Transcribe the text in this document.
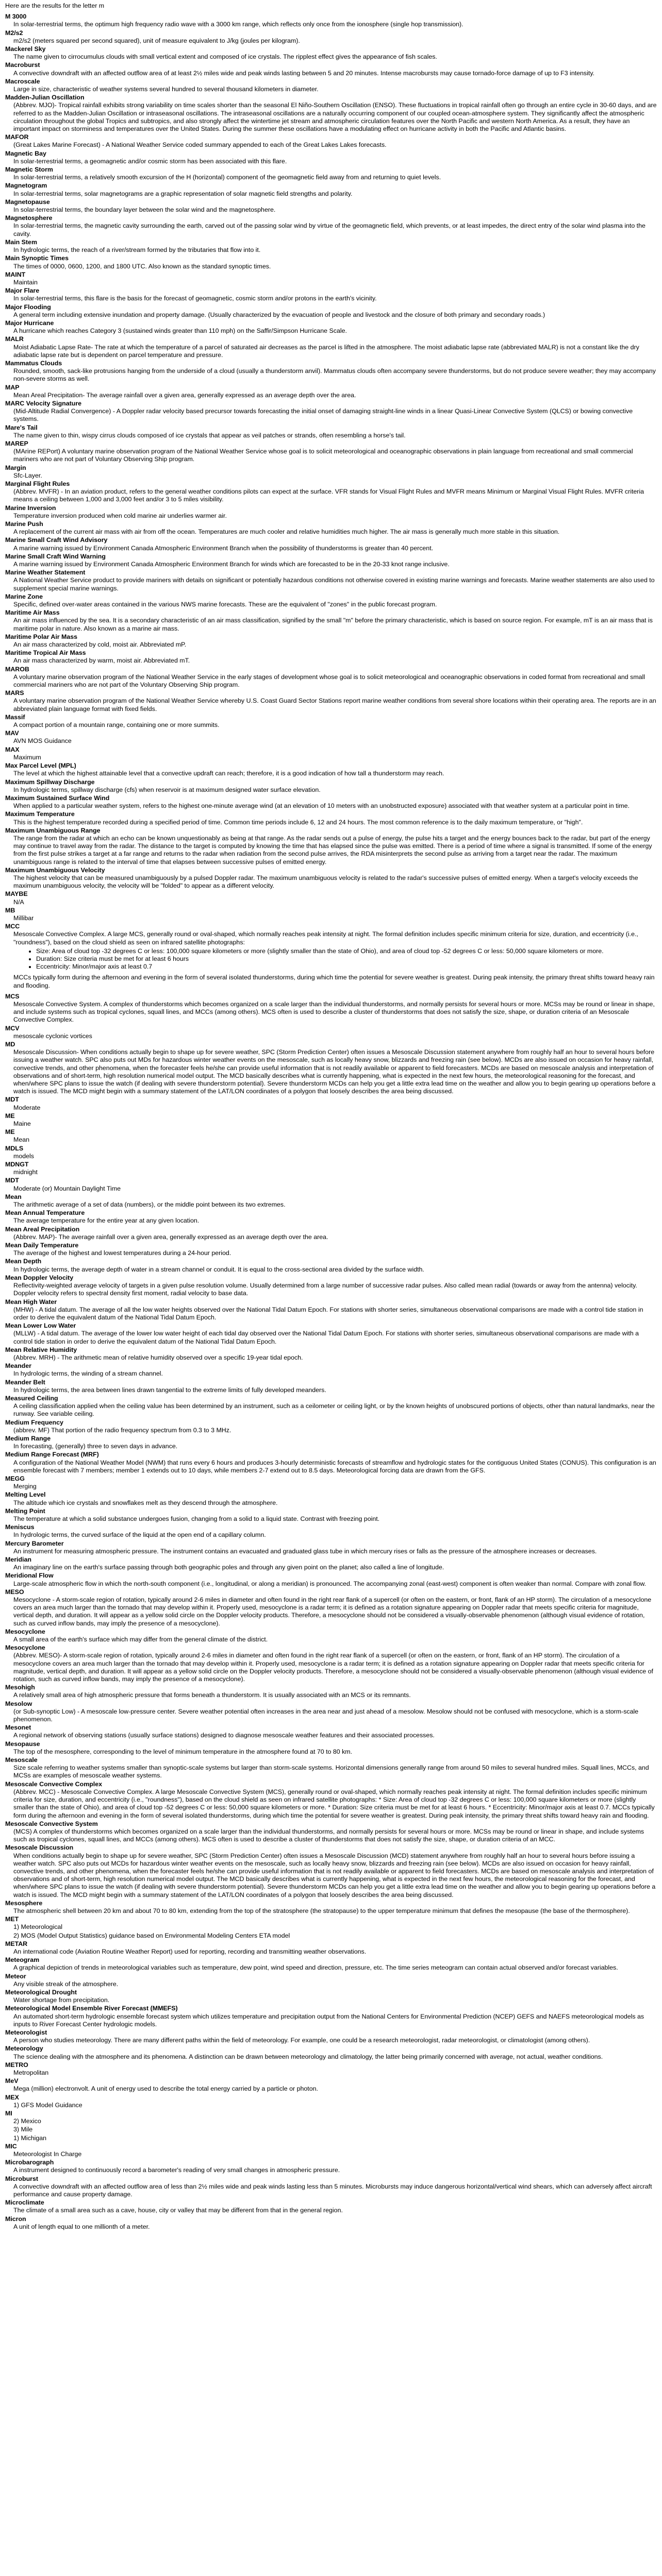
Here are the results for the letter m

M 3000
In solar-terrestrial terms, the optimum high frequency radio wave with a 3000 km range, which reflects only once from the ionosphere (single hop transmission).
M2/s2
m2/s2 (meters squared per second squared), unit of measure equivalent to J/kg (joules per kilogram).
Mackerel Sky
The name given to cirrocumulus clouds with small vertical extent and composed of ice crystals. The ripplest effect gives the appearance of fish scales.
Macroburst
A convective downdraft with an affected outflow area of at least 2½ miles wide and peak winds lasting between 5 and 20 minutes. Intense macrobursts may cause tornado-force damage of up to F3 intensity.
Macroscale
Large in size, characteristic of weather systems several hundred to several thousand kilometers in diameter.
Madden-Julian Oscillation
(Abbrev. MJO)- Tropical rainfall exhibits strong variability on time scales shorter than the seasonal El Niño-Southern Oscillation (ENSO). These fluctuations in tropical rainfall often go through an entire cycle in 30-60 days, and are referred to as the Madden-Julian Oscillation or intraseasonal oscillations. The intraseasonal oscillations are a naturally occurring component of our coupled ocean-atmosphere system. They significantly affect the atmospheric circulation throughout the global Tropics and subtropics, and also strongly affect the wintertime jet stream and atmospheric circulation features over the North Pacific and western North America. As a result, they have an important impact on storminess and temperatures over the United States. During the summer these oscillations have a modulating effect on hurricane activity in both the Pacific and Atlantic basins.
MAFOR
(Great Lakes Marine Forecast) - A National Weather Service coded summary appended to each of the Great Lakes Lakes forecasts.
Magnetic Bay
In solar-terrestrial terms, a geomagnetic and/or cosmic storm has been associated with this flare.
Magnetic Storm
In solar-terrestrial terms, a relatively smooth excursion of the H (horizontal) component of the geomagnetic field away from and returning to quiet levels.
Magnetogram
In solar-terrestrial terms, solar magnetograms are a graphic representation of solar magnetic field strengths and polarity.
Magnetopause
In solar-terrestrial terms, the boundary layer between the solar wind and the magnetosphere.
Magnetosphere
In solar-terrestrial terms, the magnetic cavity surrounding the earth, carved out of the passing solar wind by virtue of the geomagnetic field, which prevents, or at least impedes, the direct entry of the solar wind plasma into the cavity.
Main Stem
In hydrologic terms, the reach of a river/stream formed by the tributaries that flow into it.
Main Synoptic Times
The times of 0000, 0600, 1200, and 1800 UTC. Also known as the standard synoptic times.
MAINT
Maintain
Major Flare
In solar-terrestrial terms, this flare is the basis for the forecast of geomagnetic, cosmic storm and/or protons in the earth's vicinity.
Major Flooding
A general term including extensive inundation and property damage. (Usually characterized by the evacuation of people and livestock and the closure of both primary and secondary roads.)
Major Hurricane
A hurricane which reaches Category 3 (sustained winds greater than 110 mph) on the Saffir/Simpson Hurricane Scale.
MALR
Moist Adiabatic Lapse Rate- The rate at which the temperature of a parcel of saturated air decreases as the parcel is lifted in the atmosphere. The moist adiabatic lapse rate (abbreviated MALR) is not a constant like the dry adiabatic lapse rate but is dependent on parcel temperature and pressure.
Mammatus Clouds
Rounded, smooth, sack-like protrusions hanging from the underside of a cloud (usually a thunderstorm anvil). Mammatus clouds often accompany severe thunderstorms, but do not produce severe weather; they may accompany non-severe storms as well.
MAP
Mean Areal Precipitation- The average rainfall over a given area, generally expressed as an average depth over the area.
MARC Velocity Signature
(Mid-Altitude Radial Convergence) - A Doppler radar velocity based precursor towards forecasting the initial onset of damaging straight-line winds in a linear Quasi-Linear Convective System (QLCS) or bowing convective systems.
Mare's Tail
The name given to thin, wispy cirrus clouds composed of ice crystals that appear as veil patches or strands, often resembling a horse's tail.
MAREP
(MArine REPort) A voluntary marine observation program of the National Weather Service whose goal is to solicit meteorological and oceanographic observations in plain language from recreational and small commercial mariners who are not part of Voluntary Observing Ship program.
Margin
Sfc-Layer.
Marginal Flight Rules
(Abbrev. MVFR) - In an aviation product, refers to the general weather conditions pilots can expect at the surface. VFR stands for Visual Flight Rules and MVFR means Minimum or Marginal Visual Flight Rules. MVFR criteria means a ceiling between 1,000 and 3,000 feet and/or 3 to 5 miles visibility.
Marine Inversion
Temperature inversion produced when cold marine air underlies warmer air.
Marine Push
A replacement of the current air mass with air from off the ocean. Temperatures are much cooler and relative humidities much higher. The air mass is generally much more stable in this situation.
Marine Small Craft Wind Advisory
A marine warning issued by Environment Canada Atmospheric Environment Branch when the possibility of thunderstorms is greater than 40 percent.
Marine Small Craft Wind Warning
A marine warning issued by Environment Canada Atmospheric Environment Branch for winds which are forecasted to be in the 20-33 knot range inclusive.
Marine Weather Statement
A National Weather Service product to provide mariners with details on significant or potentially hazardous conditions not otherwise covered in existing marine warnings and forecasts. Marine weather statements are also used to supplement special marine warnings.
Marine Zone
Specific, defined over-water areas contained in the various NWS marine forecasts. These are the equivalent of "zones" in the public forecast program.
Maritime Air Mass
An air mass influenced by the sea. It is a secondary characteristic of an air mass classification, signified by the small "m" before the primary characteristic, which is based on source region. For example, mT is an air mass that is maritime polar in nature. Also known as a marine air mass.
Maritime Polar Air Mass
An air mass characterized by cold, moist air. Abbreviated mP.
Maritime Tropical Air Mass
An air mass characterized by warm, moist air. Abbreviated mT.
MAROB
A voluntary marine observation program of the National Weather Service in the early stages of development whose goal is to solicit meteorological and oceanographic observations in coded format from recreational and small commercial mariners who are not part of the Voluntary Observing Ship program.
MARS
A voluntary marine observation program of the National Weather Service whereby U.S. Coast Guard Sector Stations report marine weather conditions from several shore locations within their operating area. The reports are in an abbreviated plain language format with fixed fields.
Massif
A compact portion of a mountain range, containing one or more summits.
MAV
AVN MOS Guidance
MAX
Maximum
Max Parcel Level (MPL)
The level at which the highest attainable level that a convective updraft can reach; therefore, it is a good indication of how tall a thunderstorm may reach.
Maximum Spillway Discharge
In hydrologic terms, spillway discharge (cfs) when reservoir is at maximum designed water surface elevation.
Maximum Sustained Surface Wind
When applied to a particular weather system, refers to the highest one-minute average wind (at an elevation of 10 meters with an unobstructed exposure) associated with that weather system at a particular point in time.
Maximum Temperature
This is the highest temperature recorded during a specified period of time. Common time periods include 6, 12 and 24 hours. The most common reference is to the daily maximum temperature, or "high".
Maximum Unambiguous Range
The range from the radar at which an echo can be known unquestionably as being at that range. As the radar sends out a pulse of energy, the pulse hits a target and the energy bounces back to the radar, but part of the energy may continue to travel away from the radar. The distance to the target is computed by knowing the time that has elapsed since the pulse was emitted. There is a period of time where a signal is transmitted. If some of the energy from the first pulse strikes a target at a far range and returns to the radar when radiation from the second pulse arrives, the RDA misinterprets the second pulse as arriving from a target near the radar. The maximum unambiguous range is related to the interval of time that elapses between successive pulses of emitted energy.
Maximum Unambiguous Velocity
The highest velocity that can be measured unambiguously by a pulsed Doppler radar. The maximum unambiguous velocity is related to the radar's successive pulses of emitted energy. When a target's velocity exceeds the maximum unambiguous velocity, the velocity will be "folded" to appear as a different velocity.
MAYBE
N/A
MB
Millibar
MCC
Mesoscale Convective Complex. A large MCS, generally round or oval-shaped, which normally reaches peak intensity at night. The formal definition includes specific minimum criteria for size, duration, and eccentricity (i.e., "roundness"), based on the cloud shield as seen on infrared satellite photographs:
• Size: Area of cloud top -32 degrees C or less: 100,000 square kilometers or more (slightly smaller than the state of Ohio), and area of cloud top -52 degrees C or less: 50,000 square kilometers or more.
• Duration: Size criteria must be met for at least 6 hours
• Eccentricity: Minor/major axis at least 0.7

MCCs typically form during the afternoon and evening in the form of several isolated thunderstorms, during which time the potential for severe weather is greatest. During peak intensity, the primary threat shifts toward heavy rain and flooding.

MCS
Mesoscale Convective System. A complex of thunderstorms which becomes organized on a scale larger than the individual thunderstorms, and normally persists for several hours or more. MCSs may be round or linear in shape, and include systems such as tropical cyclones, squall lines, and MCCs (among others). MCS often is used to describe a cluster of thunderstorms that does not satisfy the size, shape, or duration criteria of an Mesoscale Convective Complex.
MCV
mesoscale cyclonic vortices
MD
Mesoscale Discussion- When conditions actually begin to shape up for severe weather, SPC (Storm Prediction Center) often issues a Mesoscale Discussion statement anywhere from roughly half an hour to several hours before issuing a weather watch. SPC also puts out MDs for hazardous winter weather events on the mesoscale, such as locally heavy snow, blizzards and freezing rain (see below). MCDs are also issued on occasion for heavy rainfall, convective trends, and other phenomena, when the forecaster feels he/she can provide useful information that is not readily available or apparent to field forecasters. MCDs are based on mesoscale analysis and interpretation of observations and of short-term, high resolution numerical model output. The MCD basically describes what is currently happening, what is expected in the next few hours, the meteorological reasoning for the forecast, and when/where SPC plans to issue the watch (if dealing with severe thunderstorm potential). Severe thunderstorm MCDs can help you get a little extra lead time on the weather and allow you to begin gearing up operations before a watch is issued. The MCD might begin with a summary statement of the LAT/LON coordinates of a polygon that loosely describes the area being discussed.
MDT
Moderate
ME
Maine
ME
Mean
MDLS
models
MDNGT
midnight
MDT
Moderate (or) Mountain Daylight Time
Mean
The arithmetic average of a set of data (numbers), or the middle point between its two extremes.
Mean Annual Temperature
The average temperature for the entire year at any given location.
Mean Areal Precipitation
(Abbrev. MAP)- The average rainfall over a given area, generally expressed as an average depth over the area.
Mean Daily Temperature
The average of the highest and lowest temperatures during a 24-hour period.
Mean Depth
In hydrologic terms, the average depth of water in a stream channel or conduit. It is equal to the cross-sectional area divided by the surface width.
Mean Doppler Velocity
Reflectivity-weighted average velocity of targets in a given pulse resolution volume. Usually determined from a large number of successive radar pulses. Also called mean radial (towards or away from the antenna) velocity. Doppler velocity refers to spectral density first moment, radial velocity to base data.
Mean High Water
(MHW) - A tidal datum. The average of all the low water heights observed over the National Tidal Datum Epoch. For stations with shorter series, simultaneous observational comparisons are made with a control tide station in order to derive the equivalent datum of the National Tidal Datum Epoch.
Mean Lower Low Water
(MLLW) - A tidal datum. The average of the lower low water height of each tidal day observed over the National Tidal Datum Epoch. For stations with shorter series, simultaneous observational comparisons are made with a control tide station in order to derive the equivalent datum of the National Tidal Datum Epoch.
Mean Relative Humidity
(Abbrev. MRH) - The arithmetic mean of relative humidity observed over a specific 19-year tidal epoch.
Meander
In hydrologic terms, the winding of a stream channel.
Meander Belt
In hydrologic terms, the area between lines drawn tangential to the extreme limits of fully developed meanders.
Measured Ceiling
A ceiling classification applied when the ceiling value has been determined by an instrument, such as a ceilometer or ceiling light, or by the known heights of unobscured portions of objects, other than natural landmarks, near the runway. See variable ceiling.
Medium Frequency
(abbrev. MF) That portion of the radio frequency spectrum from 0.3 to 3 MHz.
Medium Range
In forecasting, (generally) three to seven days in advance.
Medium Range Forecast (MRF)
A configuration of the National Weather Model (NWM) that runs every 6 hours and produces 3-hourly deterministic forecasts of streamflow and hydrologic states for the contiguous United States (CONUS). This configuration is an ensemble forecast with 7 members; member 1 extends out to 10 days, while members 2-7 extend out to 8.5 days. Meteorological forcing data are drawn from the GFS.
MEGG
Merging
Melting Level
The altitude which ice crystals and snowflakes melt as they descend through the atmosphere.
Melting Point
The temperature at which a solid substance undergoes fusion, changing from a solid to a liquid state. Contrast with freezing point.
Meniscus
In hydrologic terms, the curved surface of the liquid at the open end of a capillary column.
Mercury Barometer
An instrument for measuring atmospheric pressure. The instrument contains an evacuated and graduated glass tube in which mercury rises or falls as the pressure of the atmosphere increases or decreases.
Meridian
An imaginary line on the earth's surface passing through both geographic poles and through any given point on the planet; also called a line of longitude.
Meridional Flow
Large-scale atmospheric flow in which the north-south component (i.e., longitudinal, or along a meridian) is pronounced. The accompanying zonal (east-west) component is often weaker than normal. Compare with zonal flow.
MESO
Mesocyclone - A storm-scale region of rotation, typically around 2-6 miles in diameter and often found in the right rear flank of a supercell (or often on the eastern, or front, flank of an HP storm). The circulation of a mesocyclone covers an area much larger than the tornado that may develop within it. Properly used, mesocyclone is a radar term; it is defined as a rotation signature appearing on Doppler radar that meets specific criteria for magnitude, vertical depth, and duration. It will appear as a yellow solid circle on the Doppler velocity products. Therefore, a mesocyclone should not be considered a visually-observable phenomenon (although visual evidence of rotation, such as curved inflow bands, may imply the presence of a mesocyclone).
Mesocyclone
A small area of the earth's surface which may differ from the general climate of the district.
Mesocyclone
(Abbrev. MESO)- A storm-scale region of rotation, typically around 2-6 miles in diameter and often found in the right rear flank of a supercell (or often on the eastern, or front, flank of an HP storm). The circulation of a mesocyclone covers an area much larger than the tornado that may develop within it. Properly used, mesocyclone is a radar term; it is defined as a rotation signature appearing on Doppler radar that meets specific criteria for magnitude, vertical depth, and duration. It will appear as a yellow solid circle on the Doppler velocity products. Therefore, a mesocyclone should not be considered a visually-observable phenomenon (although visual evidence of rotation, such as curved inflow bands, may imply the presence of a mesocyclone).
Mesohigh
A relatively small area of high atmospheric pressure that forms beneath a thunderstorm. It is usually associated with an MCS or its remnants.
Mesolow
(or Sub-synoptic Low) - A mesoscale low-pressure center. Severe weather potential often increases in the area near and just ahead of a mesolow. Mesolow should not be confused with mesocyclone, which is a storm-scale phenomenon.
Mesonet
A regional network of observing stations (usually surface stations) designed to diagnose mesoscale weather features and their associated processes.
Mesopause
The top of the mesosphere, corresponding to the level of minimum temperature in the atmosphere found at 70 to 80 km.
Mesoscale
Size scale referring to weather systems smaller than synoptic-scale systems but larger than storm-scale systems. Horizontal dimensions generally range from around 50 miles to several hundred miles. Squall lines, MCCs, and MCSs are examples of mesoscale weather systems.
Mesoscale Convective Complex
(Abbrev. MCC) - Mesoscale Convective Complex. A large Mesoscale Convective System (MCS), generally round or oval-shaped, which normally reaches peak intensity at night. The formal definition includes specific minimum criteria for size, duration, and eccentricity (i.e., "roundness"), based on the cloud shield as seen on infrared satellite photographs: * Size: Area of cloud top -32 degrees C or less: 100,000 square kilometers or more (slightly smaller than the state of Ohio), and area of cloud top -52 degrees C or less: 50,000 square kilometers or more. * Duration: Size criteria must be met for at least 6 hours. * Eccentricity: Minor/major axis at least 0.7. MCCs typically form during the afternoon and evening in the form of several isolated thunderstorms, during which time the potential for severe weather is greatest. During peak intensity, the primary threat shifts toward heavy rain and flooding.
Mesoscale Convective System
(MCS) A complex of thunderstorms which becomes organized on a scale larger than the individual thunderstorms, and normally persists for several hours or more. MCSs may be round or linear in shape, and include systems such as tropical cyclones, squall lines, and MCCs (among others). MCS often is used to describe a cluster of thunderstorms that does not satisfy the size, shape, or duration criteria of an MCC.
Mesoscale Discussion
When conditions actually begin to shape up for severe weather, SPC (Storm Prediction Center) often issues a Mesoscale Discussion (MCD) statement anywhere from roughly half an hour to several hours before issuing a weather watch. SPC also puts out MCDs for hazardous winter weather events on the mesoscale, such as locally heavy snow, blizzards and freezing rain (see below). MCDs are also issued on occasion for heavy rainfall, convective trends, and other phenomena, when the forecaster feels he/she can provide useful information that is not readily available or apparent to field forecasters. MCDs are based on mesoscale analysis and interpretation of observations and of short-term, high resolution numerical model output. The MCD basically describes what is currently happening, what is expected in the next few hours, the meteorological reasoning for the forecast, and when/where SPC plans to issue the watch (if dealing with severe thunderstorm potential). Severe thunderstorm MCDs can help you get a little extra lead time on the weather and allow you to begin gearing up operations before a watch is issued. The MCD might begin with a summary statement of the LAT/LON coordinates of a polygon that loosely describes the area being discussed.
Mesosphere
The atmospheric shell between 20 km and about 70 to 80 km, extending from the top of the stratosphere (the stratopause) to the upper temperature minimum that defines the mesopause (the base of the thermosphere).
MET
1) Meteorological
2) MOS (Model Output Statistics) guidance based on Environmental Modeling Centers ETA model
METAR
An international code (Aviation Routine Weather Report) used for reporting, recording and transmitting weather observations.
Meteogram
A graphical depiction of trends in meteorological variables such as temperature, dew point, wind speed and direction, pressure, etc. The time series meteogram can contain actual observed and/or forecast variables.
Meteor
Any visible streak of the atmosphere.
Meteorological Drought
Water shortage from precipitation.
Meteorological Model Ensemble River Forecast (MMEFS)
An automated short-term hydrologic ensemble forecast system which utilizes temperature and precipitation output from the National Centers for Environmental Prediction (NCEP) GEFS and NAEFS meteorological models as inputs to River Forecast Center hydrologic models.
Meteorologist
A person who studies meteorology. There are many different paths within the field of meteorology. For example, one could be a research meteorologist, radar meteorologist, or climatologist (among others).
Meteorology
The science dealing with the atmosphere and its phenomena. A distinction can be drawn between meteorology and climatology, the latter being primarily concerned with average, not actual, weather conditions.
METRO
Metropolitan
MeV
Mega (million) electronvolt. A unit of energy used to describe the total energy carried by a particle or photon.
MEX
1) GFS Model Guidance
MI
2) Mexico
3) Mile
1) Michigan
MIC
Meteorologist In Charge
Microbarograph
A instrument designed to continuously record a barometer's reading of very small changes in atmospheric pressure.
Microburst
A convective downdraft with an affected outflow area of less than 2½ miles wide and peak winds lasting less than 5 minutes. Microbursts may induce dangerous horizontal/vertical wind shears, which can adversely affect aircraft performance and cause property damage.
Microclimate
The climate of a small area such as a cave, house, city or valley that may be different from that in the general region.
Micron
A unit of length equal to one millionth of a meter.
